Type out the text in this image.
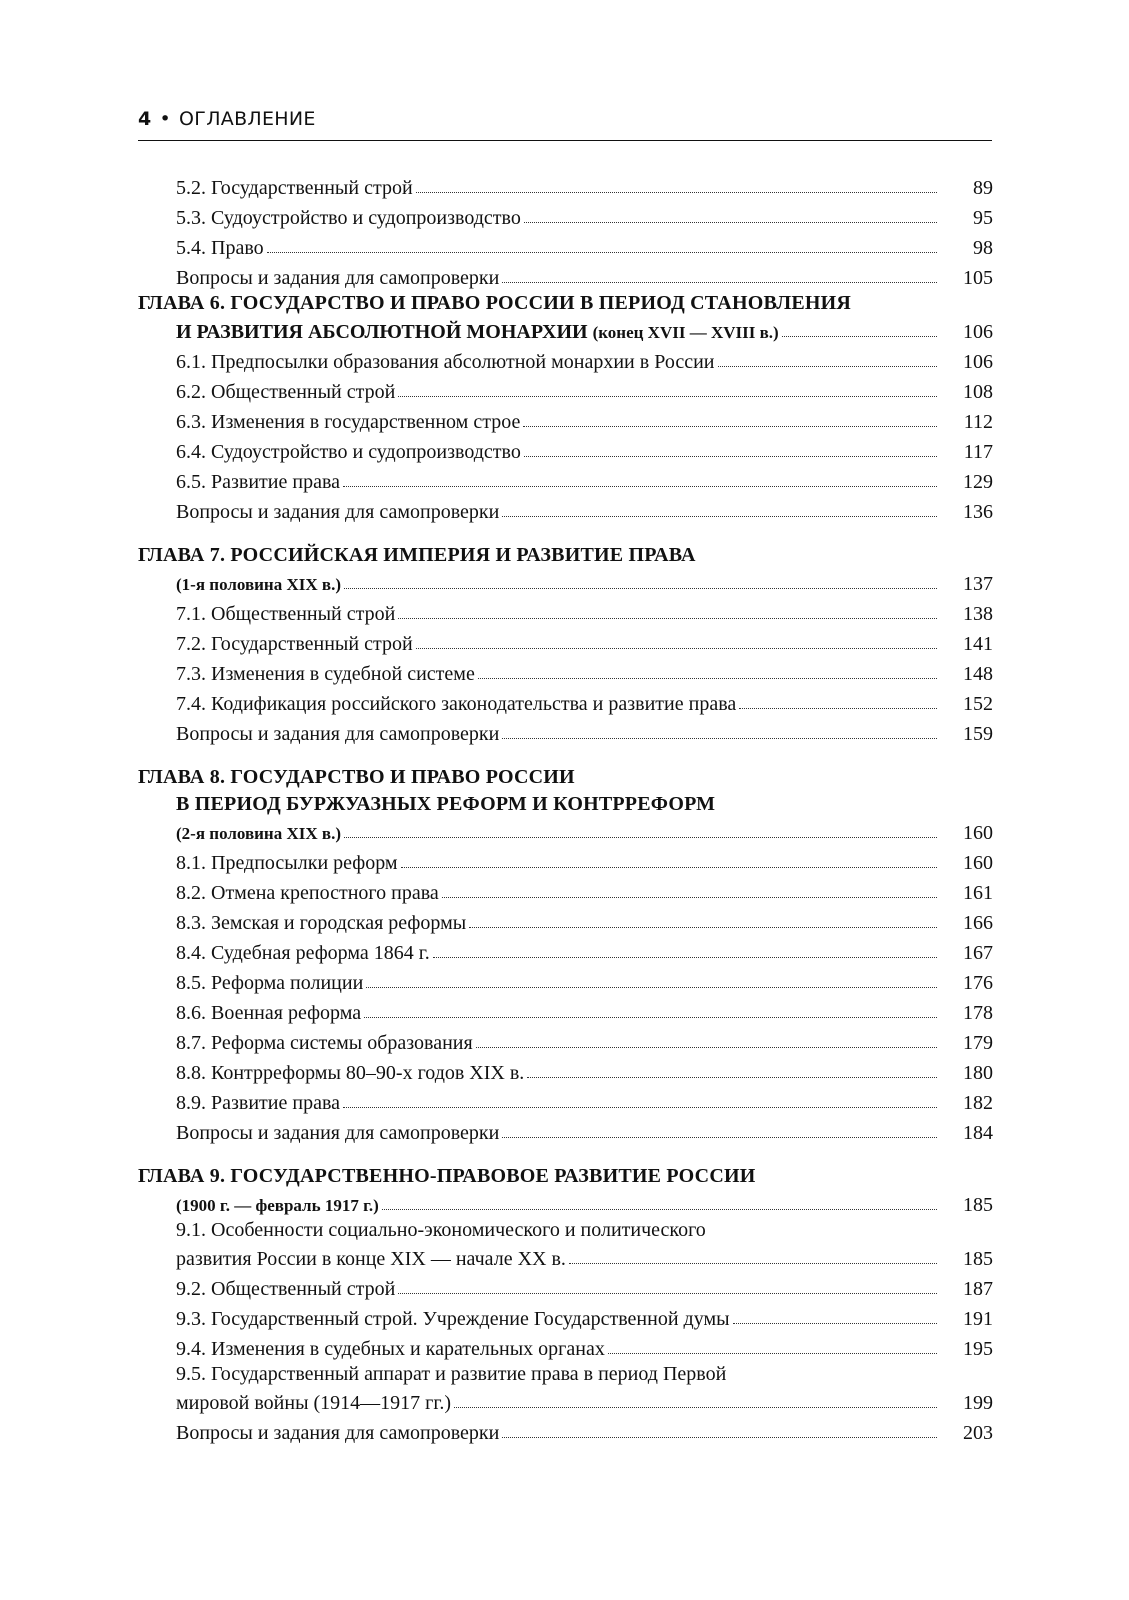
4 • ОГЛАВЛЕНИЕ
5.2. Государственный строй	89
5.3. Судоустройство и судопроизводство	95
5.4. Право	98
Вопросы и задания для самопроверки	105
ГЛАВА 6. ГОСУДАРСТВО И ПРАВО РОССИИ В ПЕРИОД СТАНОВЛЕНИЯ
И РАЗВИТИЯ АБСОЛЮТНОЙ МОНАРХИИ (конец XVII — XVIII в.)	106
6.1. Предпосылки образования абсолютной монархии в России	106
6.2. Общественный строй	108
6.3. Изменения в государственном строе	112
6.4. Судоустройство и судопроизводство	117
6.5. Развитие права	129
Вопросы и задания для самопроверки	136
ГЛАВА 7. РОССИЙСКАЯ ИМПЕРИЯ И РАЗВИТИЕ ПРАВА
(1-я половина XIX в.)	137
7.1. Общественный строй	138
7.2. Государственный строй	141
7.3. Изменения в судебной системе	148
7.4. Кодификация российского законодательства и развитие права	152
Вопросы и задания для самопроверки	159
ГЛАВА 8. ГОСУДАРСТВО И ПРАВО РОССИИ
В ПЕРИОД БУРЖУАЗНЫХ РЕФОРМ И КОНТРРЕФОРМ
(2-я половина XIX в.)	160
8.1. Предпосылки реформ	160
8.2. Отмена крепостного права	161
8.3. Земская и городская реформы	166
8.4. Судебная реформа 1864 г.	167
8.5. Реформа полиции	176
8.6. Военная реформа	178
8.7. Реформа системы образования	179
8.8. Контрреформы 80–90-х годов XIX в.	180
8.9. Развитие права	182
Вопросы и задания для самопроверки	184
ГЛАВА 9. ГОСУДАРСТВЕННО-ПРАВОВОЕ РАЗВИТИЕ РОССИИ
(1900 г. — февраль 1917 г.)	185
9.1. Особенности социально-экономического и политического
развития России в конце XIX — начале XX в.	185
9.2. Общественный строй	187
9.3. Государственный строй. Учреждение Государственной думы	191
9.4. Изменения в судебных и карательных органах	195
9.5. Государственный аппарат и развитие права в период Первой
мировой войны (1914—1917 гг.)	199
Вопросы и задания для самопроверки	203
